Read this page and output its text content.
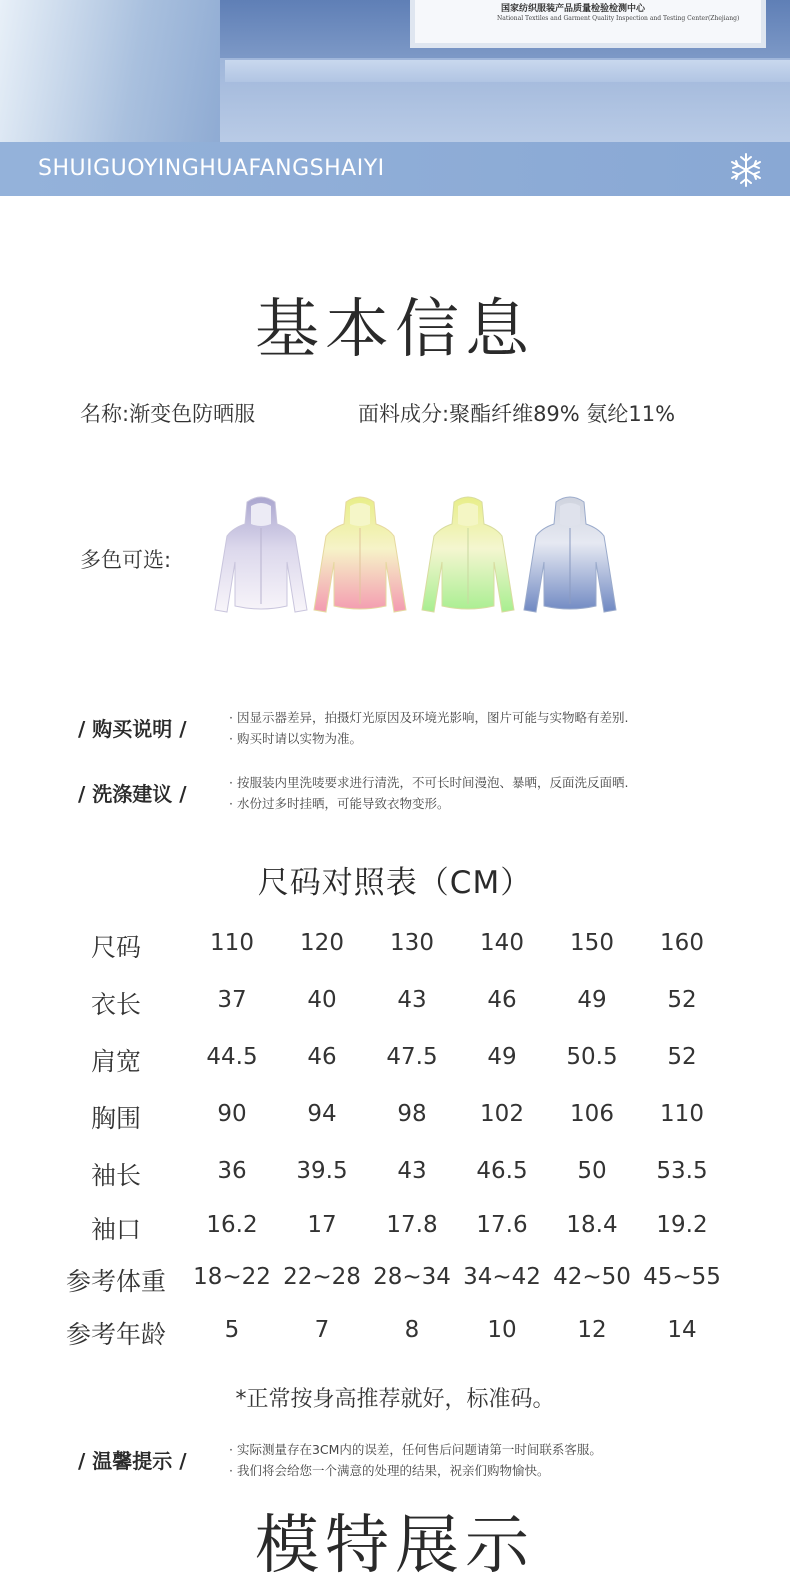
国家纺织服装产品质量检验检测中心
National Textiles and Garment Quality Inspection and Testing Center(Zhejiang)
SHUIGUOYINGHUAFANGSHAIYI
基本信息
名称:渐变色防晒服	面料成分:聚酯纤维89% 氨纶11%
多色可选:
/ 购买说明 /	· 因显示器差异，拍摄灯光原因及环境光影响，图片可能与实物略有差别.
· 购买时请以实物为准。
/ 洗涤建议 /	· 按服装内里洗唛要求进行清洗，不可长时间漫泡、暴晒，反面洗反面晒.
· 水份过多时挂晒，可能导致衣物变形。
尺码对照表（CM）
尺码	110	120	130	140	150	160
衣长	37	40	43	46	49	52
肩宽	44.5	46	47.5	49	50.5	52
胸围	90	94	98	102	106	110
袖长	36	39.5	43	46.5	50	53.5
袖口	16.2	17	17.8	17.6	18.4	19.2
参考体重	18~22 22~28 28~34 34~42 42~50 45~55
参考年龄	5	7	8	10	12	14
*正常按身高推荐就好，标准码。
/ 温馨提示 /	· 实际测量存在3CM内的误差，任何售后问题请第一时间联系客服。
· 我们将会给您一个满意的处理的结果，祝亲们购物愉快。
模特展示
